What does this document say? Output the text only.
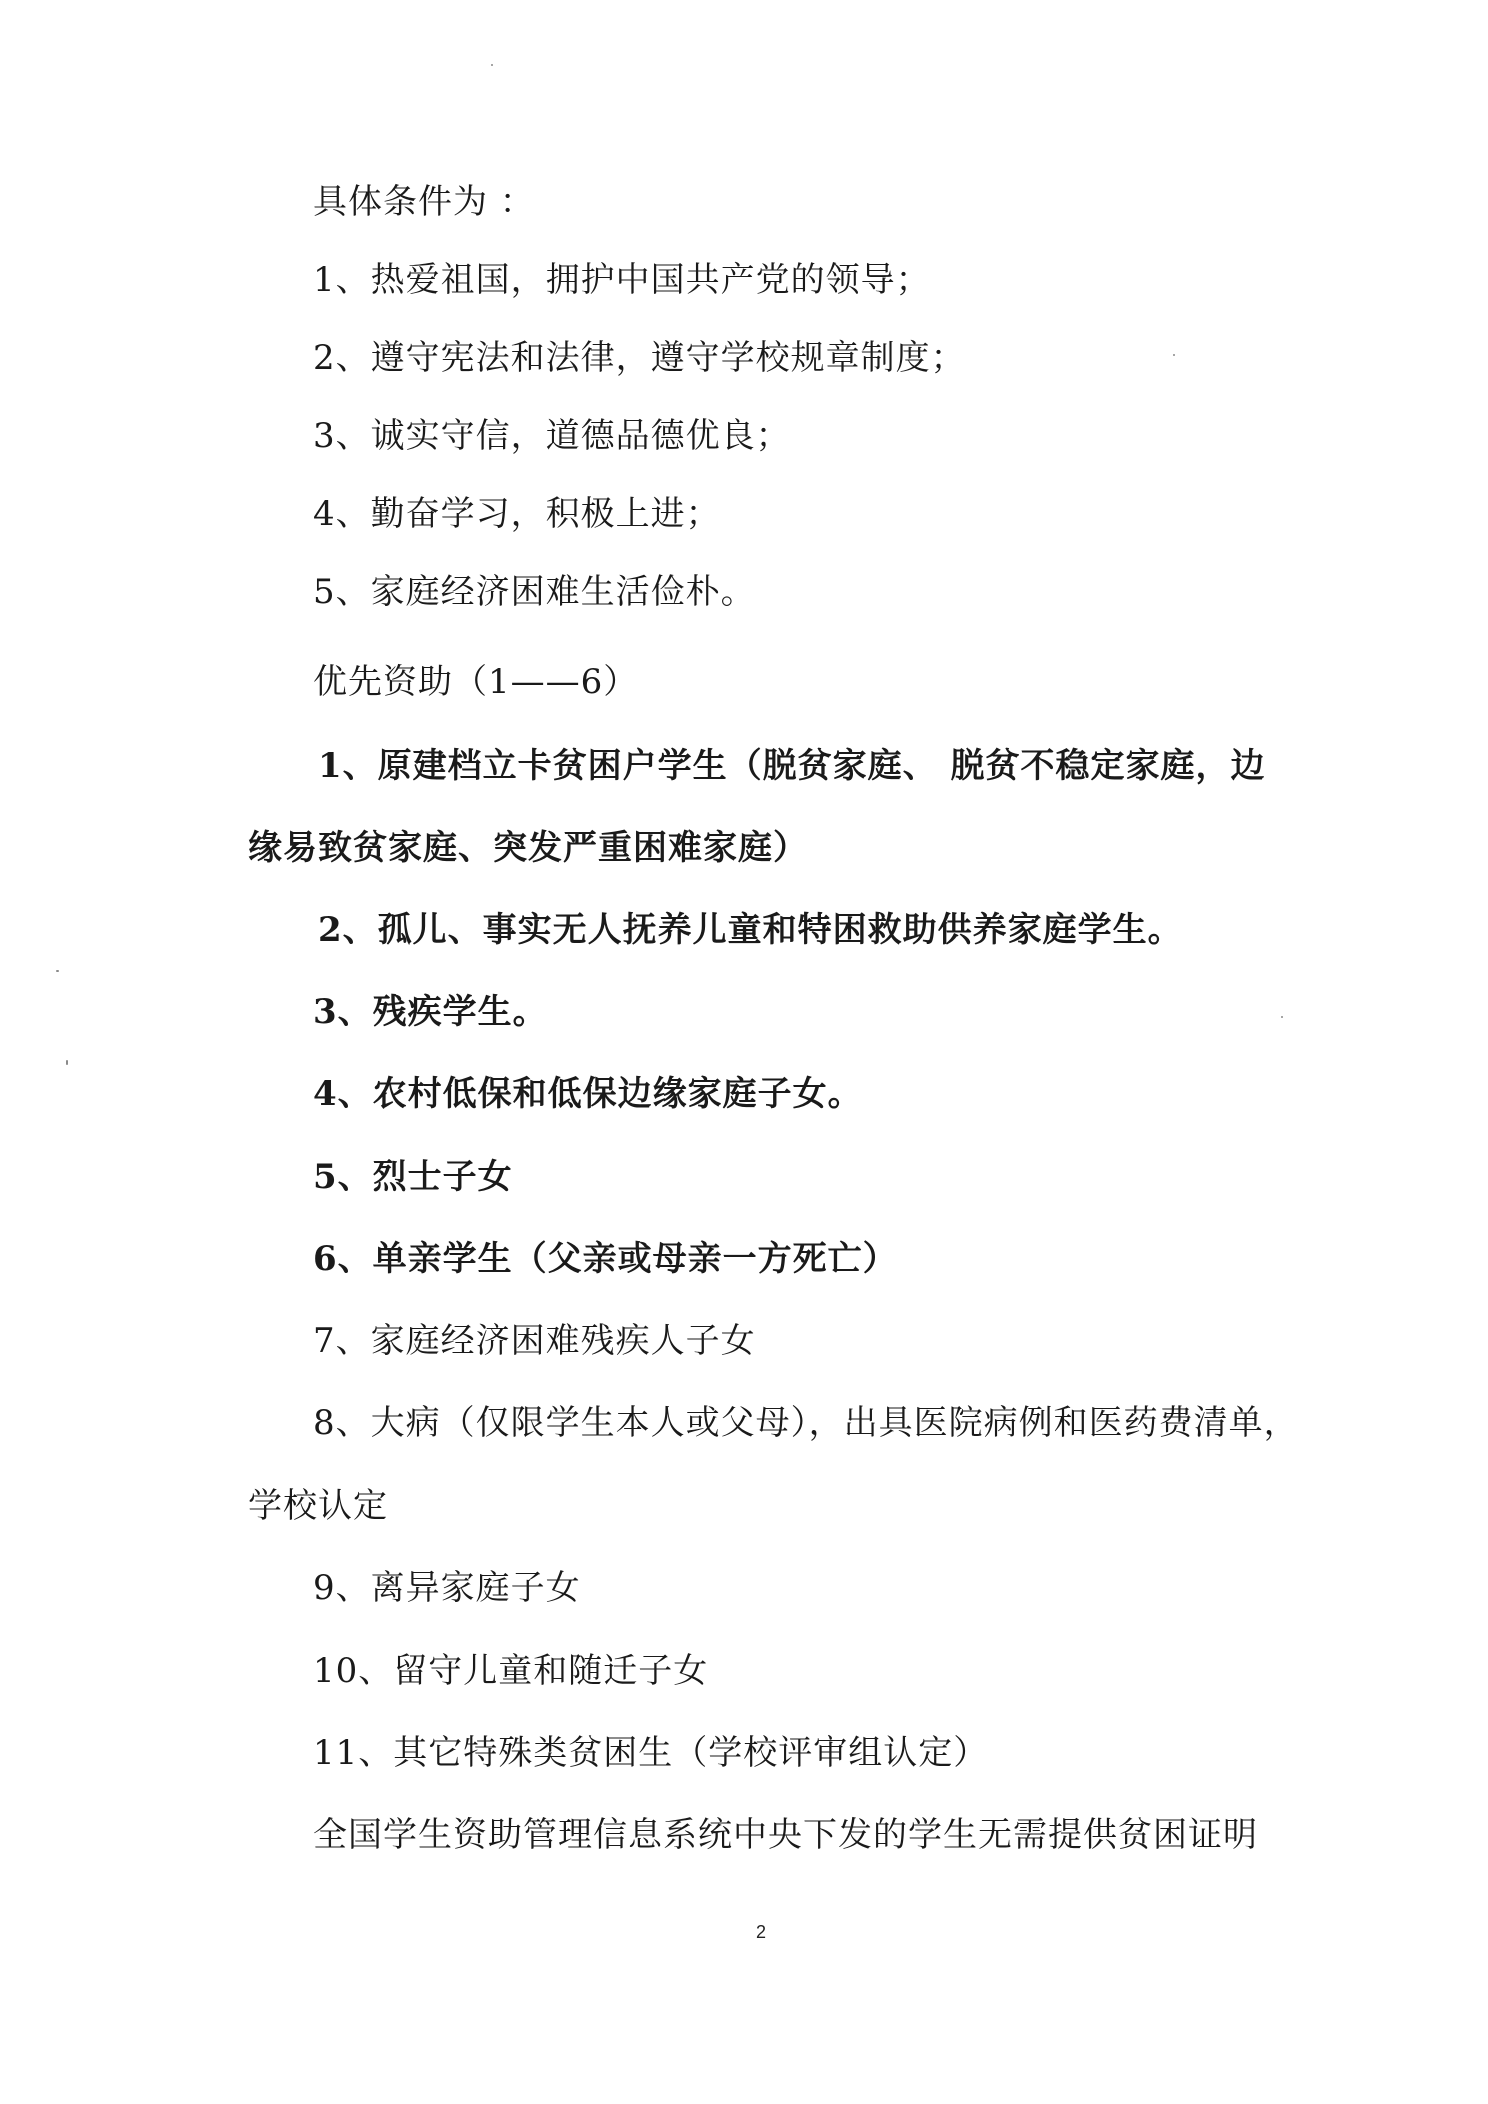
具体条件为 ：
1、热爱祖国，拥护中国共产党的领导；
2、遵守宪法和法律，遵守学校规章制度；
3、诚实守信，道德品德优良；
4、勤奋学习，积极上进；
5、家庭经济困难生活俭朴。
优先资助（1——6）
1、原建档立卡贫困户学生（脱贫家庭、 脱贫不稳定家庭，边
缘易致贫家庭、突发严重困难家庭）
2、孤儿、事实无人抚养儿童和特困救助供养家庭学生。
3、残疾学生。
4、农村低保和低保边缘家庭子女。
5、烈士子女
6、单亲学生（父亲或母亲一方死亡）
7、家庭经济困难残疾人子女
8、大病（仅限学生本人或父母），出具医院病例和医药费清单，
学校认定
9、离异家庭子女
10、留守儿童和随迁子女
11、其它特殊类贫困生（学校评审组认定）
全国学生资助管理信息系统中央下发的学生无需提供贫困证明
2
